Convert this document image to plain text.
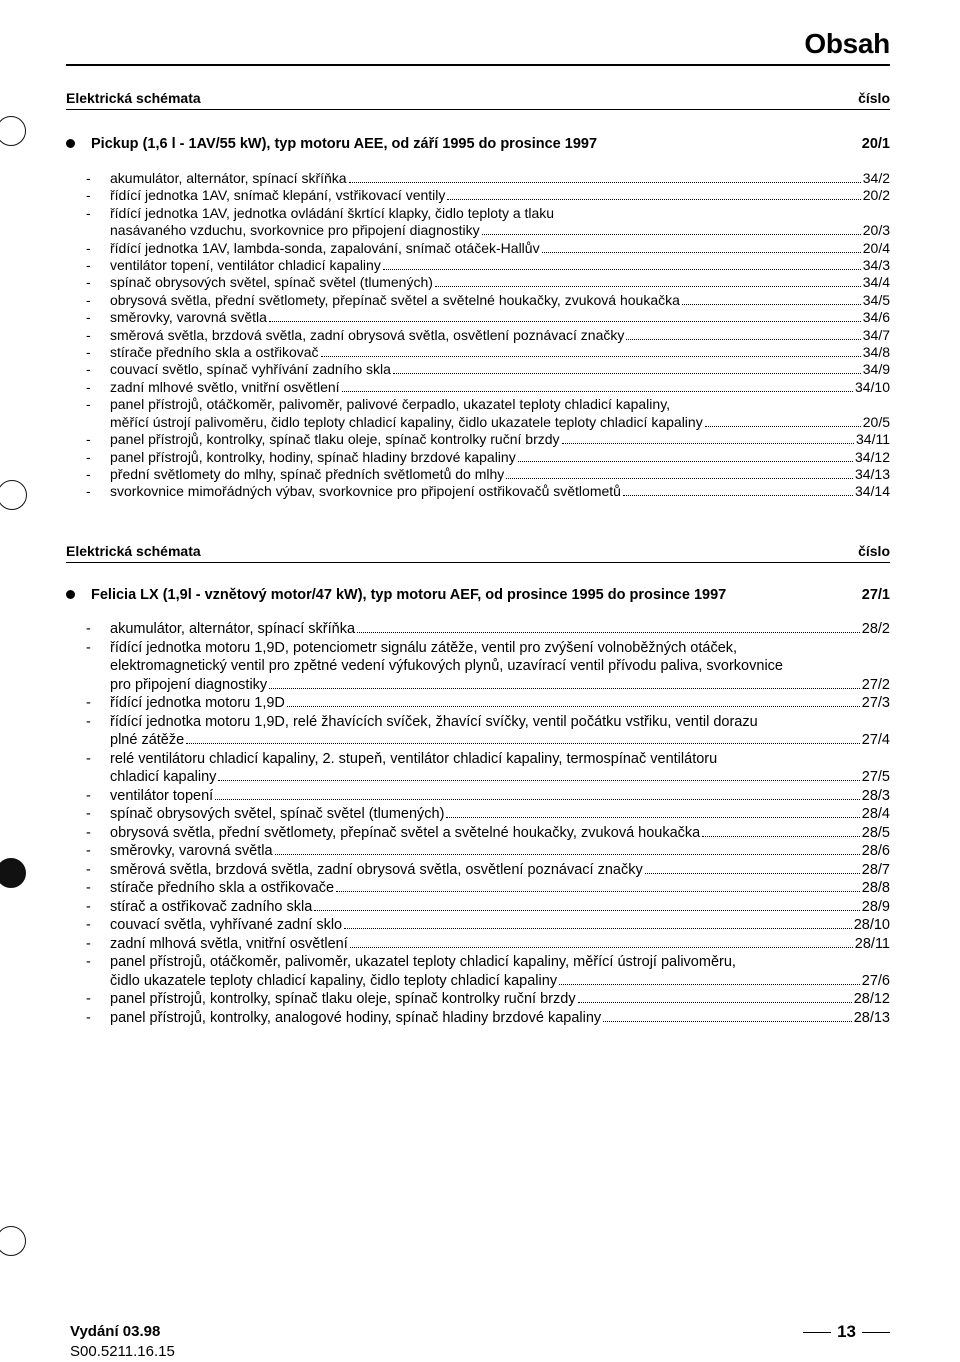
Obsah
Elektrická schémata	číslo
Pickup (1,6 l - 1AV/55 kW), typ motoru AEE, od září 1995 do prosince 1997	20/1
-	akumulátor, alternátor, spínací skříňka	34/2
-	řídící jednotka 1AV, snímač klepání, vstřikovací ventily	20/2
-	řídící jednotka 1AV, jednotka ovládání škrtící klapky, čidlo teploty a tlaku
nasávaného vzduchu, svorkovnice pro připojení diagnostiky	20/3
-	řídící jednotka 1AV, lambda-sonda, zapalování, snímač otáček-Hallův	20/4
-	ventilátor topení, ventilátor chladicí kapaliny	34/3
-	spínač obrysových světel, spínač světel (tlumených)	34/4
-	obrysová světla, přední světlomety, přepínač světel a světelné houkačky, zvuková houkačka	34/5
-	směrovky, varovná světla	34/6
-	směrová světla, brzdová světla, zadní obrysová světla, osvětlení poznávací značky	34/7
-	stírače předního skla a ostřikovač	34/8
-	couvací světlo, spínač vyhřívání zadního skla	34/9
-	zadní mlhové světlo, vnitřní osvětlení	34/10
-	panel přístrojů, otáčkoměr, palivoměr, palivové čerpadlo, ukazatel teploty chladicí kapaliny,
měřící ústrojí palivoměru, čidlo teploty chladicí kapaliny, čidlo ukazatele teploty chladicí kapaliny	20/5
-	panel přístrojů, kontrolky, spínač tlaku oleje, spínač kontrolky ruční brzdy	34/11
-	panel přístrojů, kontrolky, hodiny, spínač hladiny brzdové kapaliny	34/12
-	přední světlomety do mlhy, spínač předních světlometů do mlhy	34/13
-	svorkovnice mimořádných výbav, svorkovnice pro připojení ostřikovačů světlometů	34/14
Elektrická schémata	číslo
Felicia LX (1,9l - vznětový motor/47 kW), typ motoru AEF, od prosince 1995 do prosince 1997	27/1
-	akumulátor, alternátor, spínací skříňka	28/2
-	řídící jednotka motoru 1,9D, potenciometr signálu zátěže, ventil pro zvýšení volnoběžných otáček,
elektromagnetický ventil pro zpětné vedení výfukových plynů, uzavírací ventil přívodu paliva, svorkovnice
pro připojení diagnostiky	27/2
-	řídící jednotka motoru 1,9D	27/3
-	řídící jednotka motoru 1,9D, relé žhavících svíček, žhavící svíčky, ventil počátku vstřiku, ventil dorazu
plné zátěže	27/4
-	relé ventilátoru chladicí kapaliny, 2. stupeň, ventilátor chladicí kapaliny, termospínač ventilátoru
chladicí kapaliny	27/5
-	ventilátor topení	28/3
-	spínač obrysových světel, spínač světel (tlumených)	28/4
-	obrysová světla, přední světlomety, přepínač světel a světelné houkačky, zvuková houkačka	28/5
-	směrovky, varovná světla	28/6
-	směrová světla, brzdová světla, zadní obrysová světla, osvětlení poznávací značky	28/7
-	stírače předního skla a ostřikovače	28/8
-	stírač a ostřikovač zadního skla	28/9
-	couvací světla, vyhřívané zadní sklo	28/10
-	zadní mlhová světla, vnitřní osvětlení	28/11
-	panel přístrojů, otáčkoměr, palivoměr, ukazatel teploty chladicí kapaliny, měřící ústrojí palivoměru,
čidlo ukazatele teploty chladicí kapaliny, čidlo teploty chladicí kapaliny	27/6
-	panel přístrojů, kontrolky, spínač tlaku oleje, spínač kontrolky ruční brzdy	28/12
-	panel přístrojů, kontrolky, analogové hodiny, spínač hladiny brzdové kapaliny	28/13
Vydání 03.98
S00.5211.16.15
13
